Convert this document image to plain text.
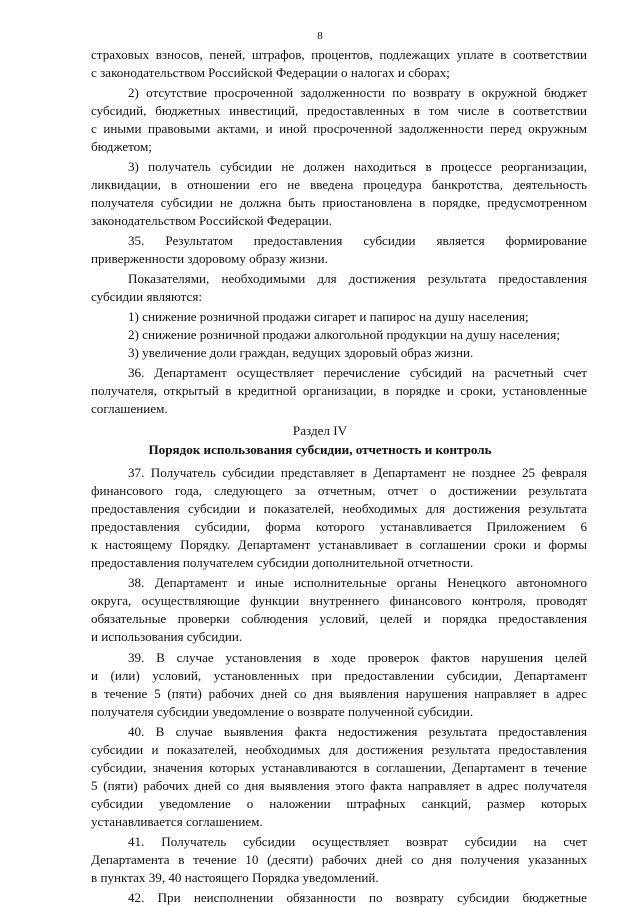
8
страховых взносов, пеней, штрафов, процентов, подлежащих уплате в соответствии
с законодательством Российской Федерации о налогах и сборах;
2) отсутствие просроченной задолженности по возврату в окружной бюджет
субсидий, бюджетных инвестиций, предоставленных в том числе в соответствии
с иными правовыми актами, и иной просроченной задолженности перед окружным
бюджетом;
3) получатель субсидии не должен находиться в процессе реорганизации,
ликвидации, в отношении его не введена процедура банкротства, деятельность
получателя субсидии не должна быть приостановлена в порядке, предусмотренном
законодательством Российской Федерации.
35. Результатом предоставления субсидии является формирование
приверженности здоровому образу жизни.
Показателями, необходимыми для достижения результата предоставления
субсидии являются:
1) снижение розничной продажи сигарет и папирос на душу населения;
2) снижение розничной продажи алкогольной продукции на душу населения;
3) увеличение доли граждан, ведущих здоровый образ жизни.
36. Департамент осуществляет перечисление субсидий на расчетный счет
получателя, открытый в кредитной организации, в порядке и сроки, установленные
соглашением.
Раздел IV
Порядок использования субсидии, отчетность и контроль
37. Получатель субсидии представляет в Департамент не позднее 25 февраля
финансового года, следующего за отчетным, отчет о достижении результата
предоставления субсидии и показателей, необходимых для достижения результата
предоставления субсидии, форма которого устанавливается Приложением 6
к настоящему Порядку. Департамент устанавливает в соглашении сроки и формы
предоставления получателем субсидии дополнительной отчетности.
38. Департамент и иные исполнительные органы Ненецкого автономного
округа, осуществляющие функции внутреннего финансового контроля, проводят
обязательные проверки соблюдения условий, целей и порядка предоставления
и использования субсидии.
39. В случае установления в ходе проверок фактов нарушения целей
и (или) условий, установленных при предоставлении субсидии, Департамент
в течение 5 (пяти) рабочих дней со дня выявления нарушения направляет в адрес
получателя субсидии уведомление о возврате полученной субсидии.
40. В случае выявления факта недостижения результата предоставления
субсидии и показателей, необходимых для достижения результата предоставления
субсидии, значения которых устанавливаются в соглашении, Департамент в течение
5 (пяти) рабочих дней со дня выявления этого факта направляет в адрес получателя
субсидии уведомление о наложении штрафных санкций, размер которых
устанавливается соглашением.
41. Получатель субсидии осуществляет возврат субсидии на счет
Департамента в течение 10 (десяти) рабочих дней со дня получения указанных
в пунктах 39, 40 настоящего Порядка уведомлений.
42. При неисполнении обязанности по возврату субсидии бюджетные
